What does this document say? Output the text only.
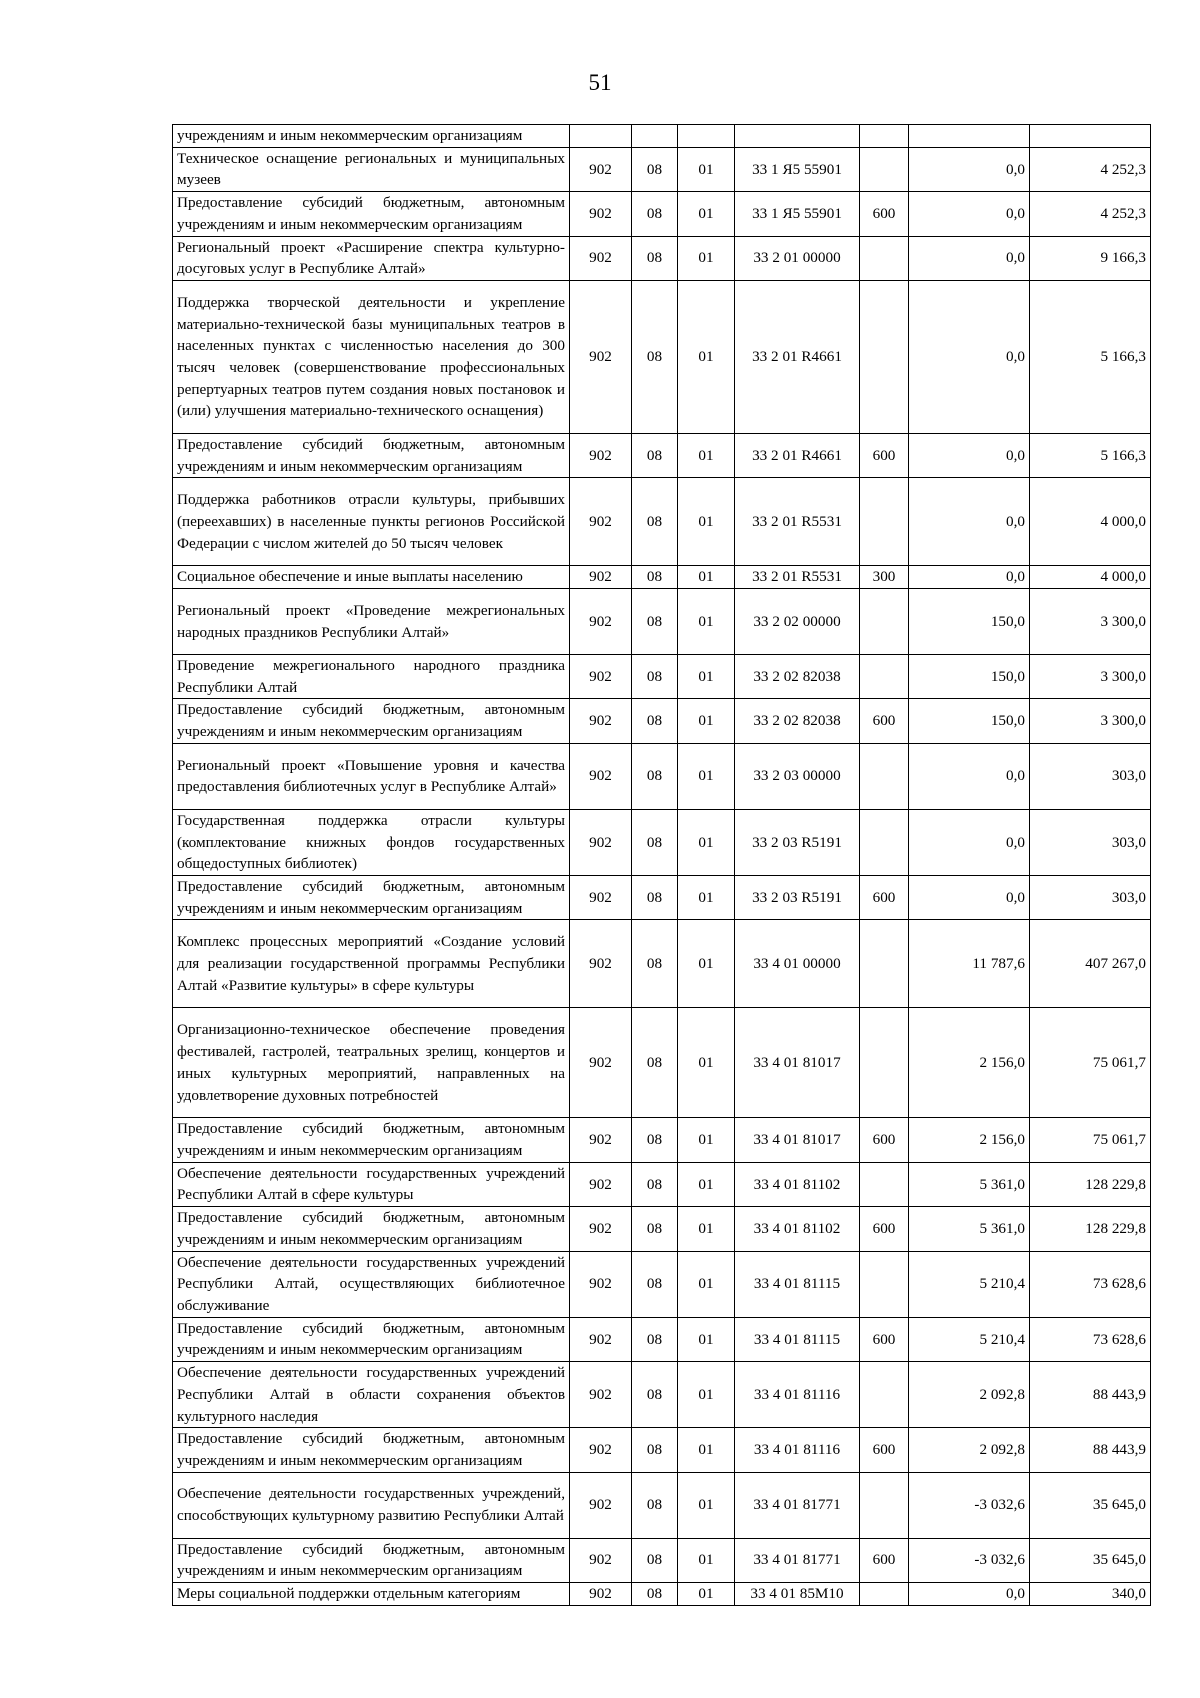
51
учреждениям и иным некоммерческим организациям							
Техническое оснащение региональных и муниципальных музеев	902	08	01	33 1 Я5 55901		0,0	4 252,3
Предоставление субсидий бюджетным, автономным учреждениям и иным некоммерческим организациям	902	08	01	33 1 Я5 55901	600	0,0	4 252,3
Региональный проект «Расширение спектра культурно-досуговых услуг в Республике Алтай»	902	08	01	33 2 01 00000		0,0	9 166,3
Поддержка творческой деятельности и укрепление материально-технической базы муниципальных театров в населенных пунктах с численностью населения до 300 тысяч человек (совершенствование профессиональных репертуарных театров путем создания новых постановок и (или) улучшения материально-технического оснащения)	902	08	01	33 2 01 R4661		0,0	5 166,3
Предоставление субсидий бюджетным, автономным учреждениям и иным некоммерческим организациям	902	08	01	33 2 01 R4661	600	0,0	5 166,3
Поддержка работников отрасли культуры, прибывших (переехавших) в населенные пункты регионов Российской Федерации с числом жителей до 50 тысяч человек	902	08	01	33 2 01 R5531		0,0	4 000,0
Социальное обеспечение и иные выплаты населению	902	08	01	33 2 01 R5531	300	0,0	4 000,0
Региональный проект «Проведение межрегиональных народных праздников Республики Алтай»	902	08	01	33 2 02 00000		150,0	3 300,0
Проведение межрегионального народного праздника Республики Алтай	902	08	01	33 2 02 82038		150,0	3 300,0
Предоставление субсидий бюджетным, автономным учреждениям и иным некоммерческим организациям	902	08	01	33 2 02 82038	600	150,0	3 300,0
Региональный проект «Повышение уровня и качества предоставления библиотечных услуг в Республике Алтай»	902	08	01	33 2 03 00000		0,0	303,0
Государственная поддержка отрасли культуры (комплектование книжных фондов государственных общедоступных библиотек)	902	08	01	33 2 03 R5191		0,0	303,0
Предоставление субсидий бюджетным, автономным учреждениям и иным некоммерческим организациям	902	08	01	33 2 03 R5191	600	0,0	303,0
Комплекс процессных мероприятий «Создание условий для реализации государственной программы Республики Алтай «Развитие культуры» в сфере культуры	902	08	01	33 4 01 00000		11 787,6	407 267,0
Организационно-техническое обеспечение проведения фестивалей, гастролей, театральных зрелищ, концертов и иных культурных мероприятий, направленных на удовлетворение духовных потребностей	902	08	01	33 4 01 81017		2 156,0	75 061,7
Предоставление субсидий бюджетным, автономным учреждениям и иным некоммерческим организациям	902	08	01	33 4 01 81017	600	2 156,0	75 061,7
Обеспечение деятельности государственных учреждений Республики Алтай в сфере культуры	902	08	01	33 4 01 81102		5 361,0	128 229,8
Предоставление субсидий бюджетным, автономным учреждениям и иным некоммерческим организациям	902	08	01	33 4 01 81102	600	5 361,0	128 229,8
Обеспечение деятельности государственных учреждений Республики Алтай, осуществляющих библиотечное обслуживание	902	08	01	33 4 01 81115		5 210,4	73 628,6
Предоставление субсидий бюджетным, автономным учреждениям и иным некоммерческим организациям	902	08	01	33 4 01 81115	600	5 210,4	73 628,6
Обеспечение деятельности государственных учреждений Республики Алтай в области сохранения объектов культурного наследия	902	08	01	33 4 01 81116		2 092,8	88 443,9
Предоставление субсидий бюджетным, автономным учреждениям и иным некоммерческим организациям	902	08	01	33 4 01 81116	600	2 092,8	88 443,9
Обеспечение деятельности государственных учреждений, способствующих культурному развитию Республики Алтай	902	08	01	33 4 01 81771		-3 032,6	35 645,0
Предоставление субсидий бюджетным, автономным учреждениям и иным некоммерческим организациям	902	08	01	33 4 01 81771	600	-3 032,6	35 645,0
Меры социальной поддержки отдельным категориям	902	08	01	33 4 01 85М10		0,0	340,0
